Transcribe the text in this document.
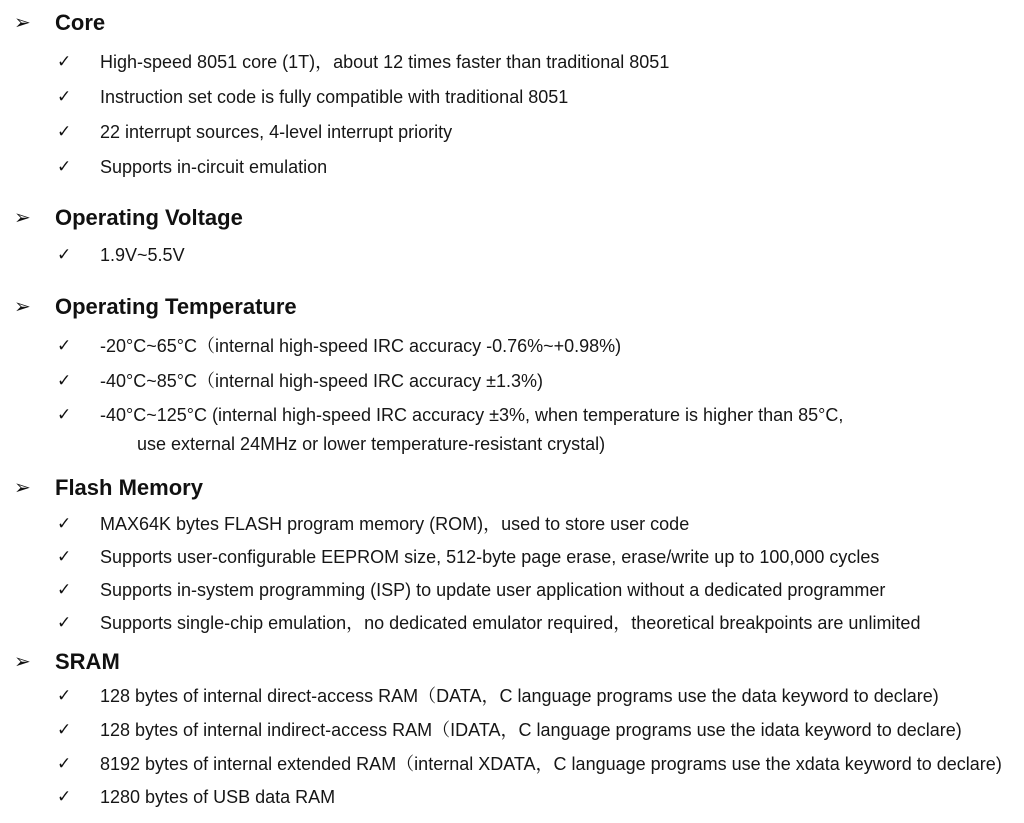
➢ Core
✓ High-speed 8051 core (1T)，about 12 times faster than traditional 8051
✓ Instruction set code is fully compatible with traditional 8051
✓ 22 interrupt sources, 4-level interrupt priority
✓ Supports in-circuit emulation
➢ Operating Voltage
✓ 1.9V~5.5V
➢ Operating Temperature
✓ -20°C~65°C（internal high-speed IRC accuracy -0.76%~+0.98%)
✓ -40°C~85°C（internal high-speed IRC accuracy ±1.3%)
✓ -40°C~125°C (internal high-speed IRC accuracy ±3%, when temperature is higher than 85°C,
use external 24MHz or lower temperature-resistant crystal)
➢ Flash Memory
✓ MAX64K bytes FLASH program memory (ROM)，used to store user code
✓ Supports user-configurable EEPROM size, 512-byte page erase, erase/write up to 100,000 cycles
✓ Supports in-system programming (ISP) to update user application without a dedicated programmer
✓ Supports single-chip emulation，no dedicated emulator required，theoretical breakpoints are unlimited
➢ SRAM
✓ 128 bytes of internal direct-access RAM（DATA，C language programs use the data keyword to declare)
✓ 128 bytes of internal indirect-access RAM（IDATA，C language programs use the idata keyword to declare)
✓ 8192 bytes of internal extended RAM（internal XDATA，C language programs use the xdata keyword to declare)
✓ 1280 bytes of USB data RAM
